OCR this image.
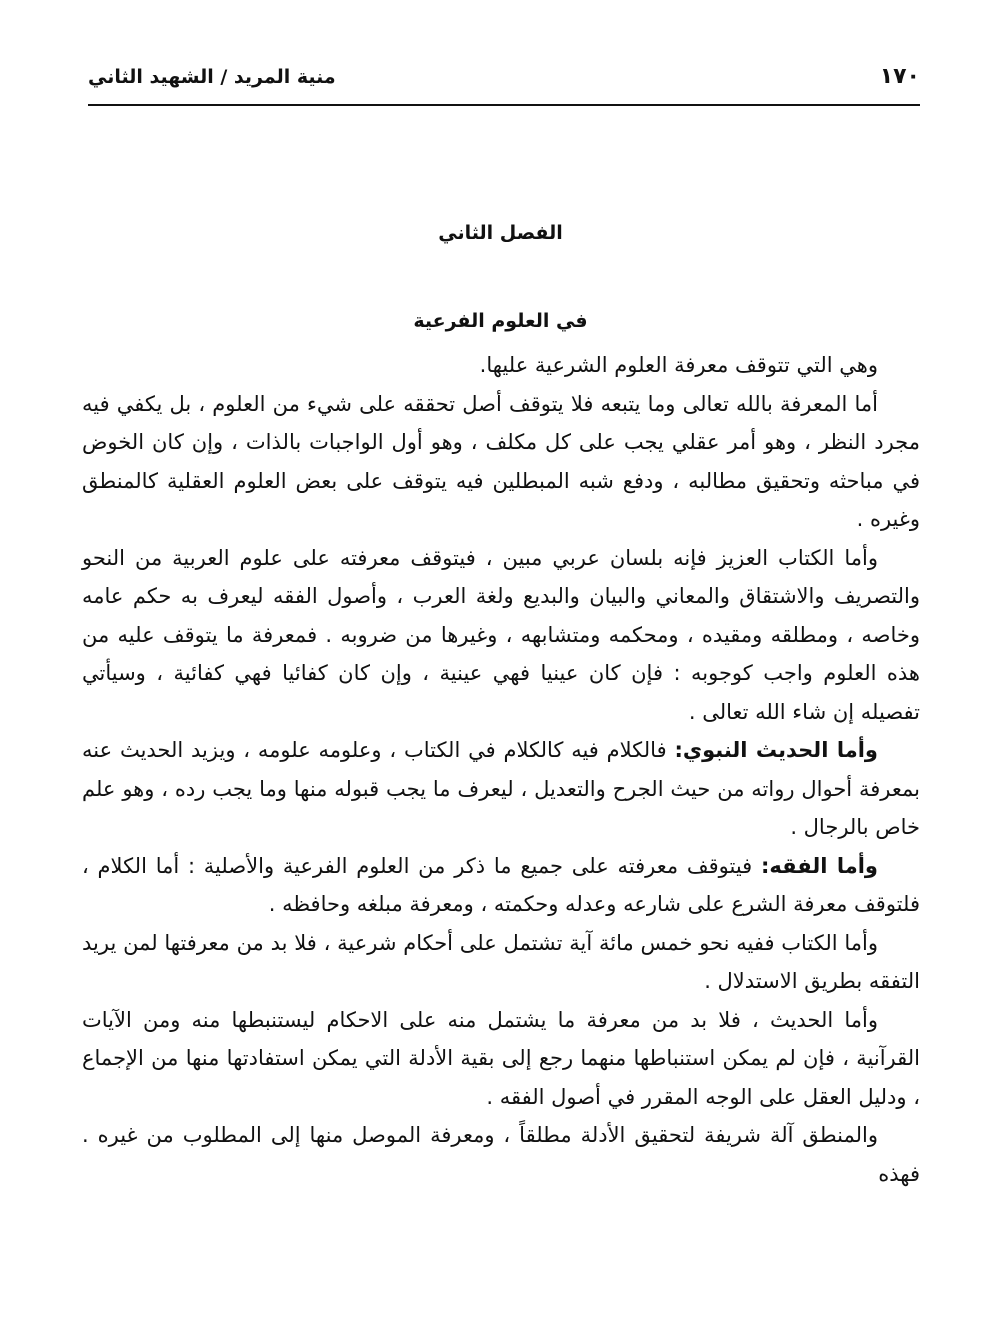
١٧٠
منية المريد / الشهيد الثاني
الفصل الثاني
في العلوم الفرعية

وهي التي تتوقف معرفة العلوم الشرعية عليها.

أما المعرفة بالله تعالى وما يتبعه فلا يتوقف أصل تحققه على شيء من العلوم ، بل يكفي فيه مجرد النظر ، وهو أمر عقلي يجب على كل مكلف ، وهو أول الواجبات بالذات ، وإن كان الخوض في مباحثه وتحقيق مطالبه ، ودفع شبه المبطلين فيه يتوقف على بعض العلوم العقلية كالمنطق وغيره .

وأما الكتاب العزيز فإنه بلسان عربي مبين ، فيتوقف معرفته على علوم العربية من النحو والتصريف والاشتقاق والمعاني والبيان والبديع ولغة العرب ، وأصول الفقه ليعرف به حكم عامه وخاصه ، ومطلقه ومقيده ، ومحكمه ومتشابهه ، وغيرها من ضروبه . فمعرفة ما يتوقف عليه من هذه العلوم واجب كوجوبه : فإن كان عينيا فهي عينية ، وإن كان كفائيا فهي كفائية ، وسيأتي تفصيله إن شاء الله تعالى .

وأما الحديث النبوي: فالكلام فيه كالكلام في الكتاب ، وعلومه علومه ، ويزيد الحديث عنه بمعرفة أحوال رواته من حيث الجرح والتعديل ، ليعرف ما يجب قبوله منها وما يجب رده ، وهو علم خاص بالرجال .

وأما الفقه: فيتوقف معرفته على جميع ما ذكر من العلوم الفرعية والأصلية : أما الكلام ، فلتوقف معرفة الشرع على شارعه وعدله وحكمته ، ومعرفة مبلغه وحافظه .

وأما الكتاب ففيه نحو خمس مائة آية تشتمل على أحكام شرعية ، فلا بد من معرفتها لمن يريد التفقه بطريق الاستدلال .

وأما الحديث ، فلا بد من معرفة ما يشتمل منه على الاحكام ليستنبطها منه ومن الآيات القرآنية ، فإن لم يمكن استنباطها منهما رجع إلى بقية الأدلة التي يمكن استفادتها منها من الإجماع ، ودليل العقل على الوجه المقرر في أصول الفقه .

والمنطق آلة شريفة لتحقيق الأدلة مطلقاً ، ومعرفة الموصل منها إلى المطلوب من غيره . فهذه
